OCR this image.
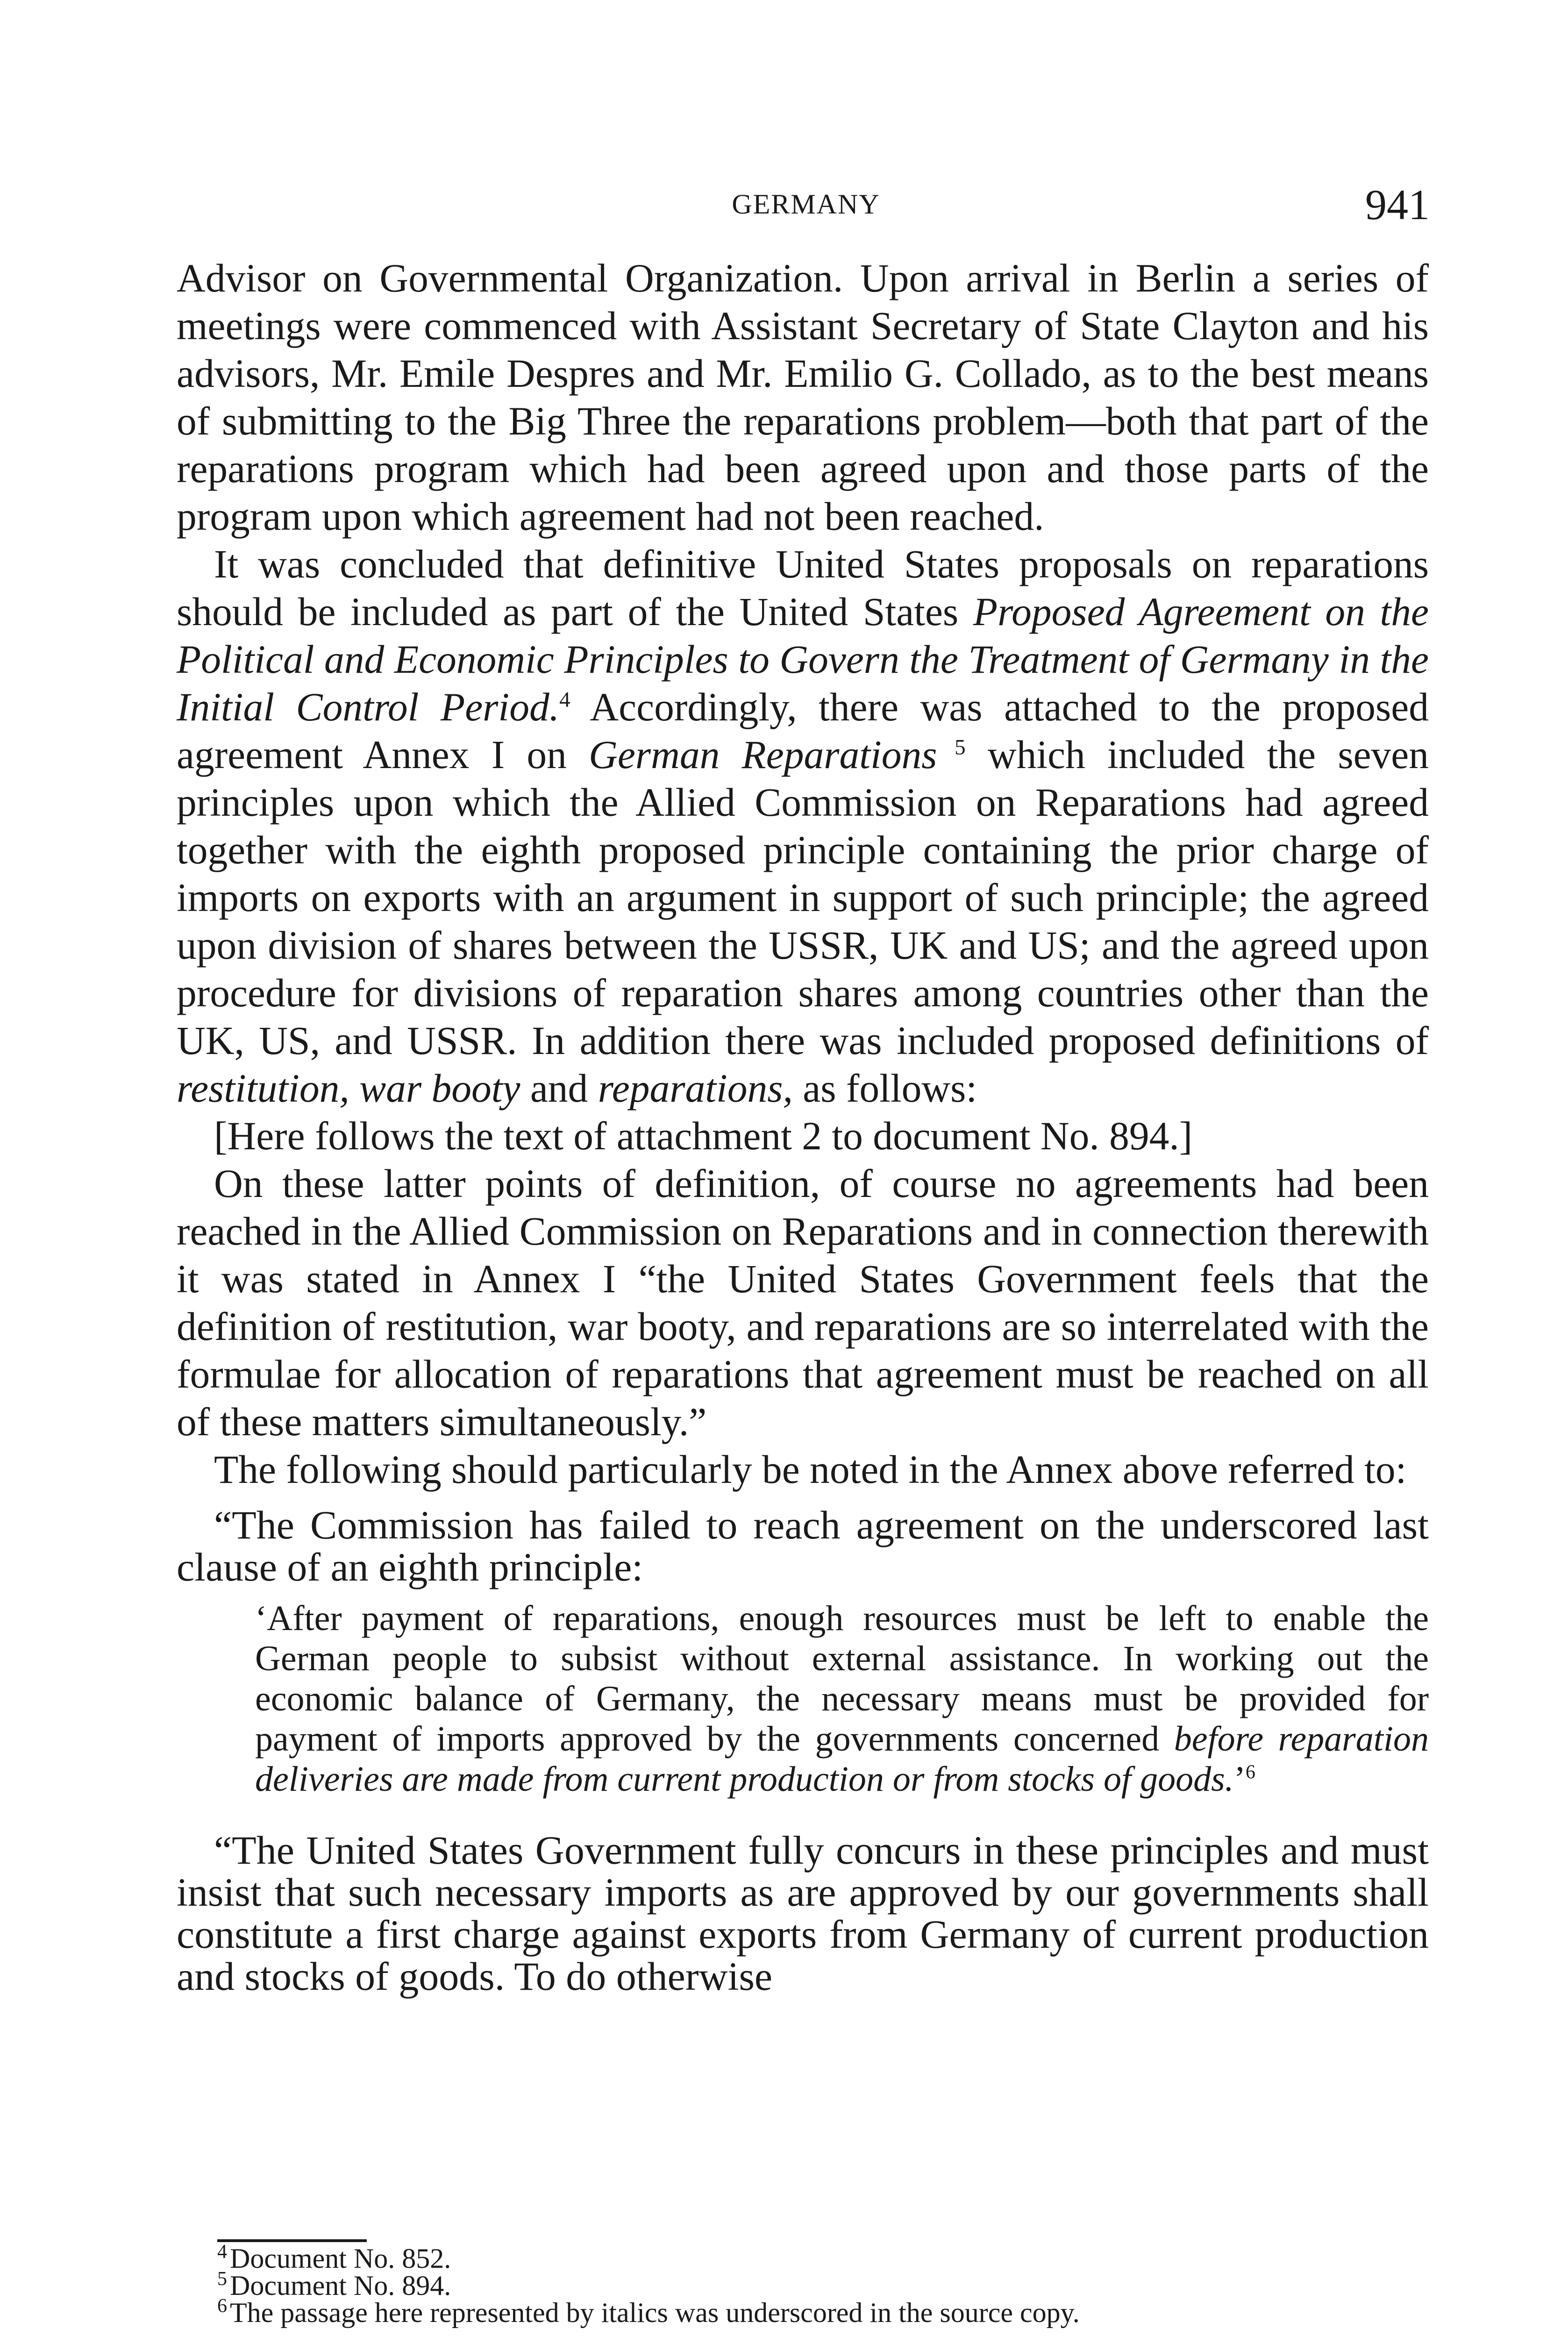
GERMANY	941

Advisor on Governmental Organization. Upon arrival in Berlin a series of meetings were commenced with Assistant Secretary of State Clayton and his advisors, Mr. Emile Despres and Mr. Emilio G. Collado, as to the best means of submitting to the Big Three the reparations problem—both that part of the reparations program which had been agreed upon and those parts of the program upon which agreement had not been reached.

It was concluded that definitive United States proposals on reparations should be included as part of the United States Proposed Agreement on the Political and Economic Principles to Govern the Treatment of Germany in the Initial Control Period.$^4$ Accordingly, there was attached to the proposed agreement Annex I on German Reparations $^5$ which included the seven principles upon which the Allied Commission on Reparations had agreed together with the eighth proposed principle containing the prior charge of imports on exports with an argument in support of such principle; the agreed upon division of shares between the USSR, UK and US; and the agreed upon procedure for divisions of reparation shares among countries other than the UK, US, and USSR. In addition there was included proposed definitions of restitution, war booty and reparations, as follows:

[Here follows the text of attachment 2 to document No. 894.]

On these latter points of definition, of course no agreements had been reached in the Allied Commission on Reparations and in connection therewith it was stated in Annex I “the United States Government feels that the definition of restitution, war booty, and reparations are so interrelated with the formulae for allocation of reparations that agreement must be reached on all of these matters simultaneously.”

The following should particularly be noted in the Annex above referred to:

“The Commission has failed to reach agreement on the underscored last clause of an eighth principle:

‘After payment of reparations, enough resources must be left to enable the German people to subsist without external assistance. In working out the economic balance of Germany, the necessary means must be provided for payment of imports approved by the governments concerned before reparation deliveries are made from current production or from stocks of goods.’$^6$

“The United States Government fully concurs in these principles and must insist that such necessary imports as are approved by our governments shall constitute a first charge against exports from Germany of current production and stocks of goods. To do otherwise

$^4$ Document No. 852.

$^5$ Document No. 894.

$^6$ The passage here represented by italics was underscored in the source copy.
